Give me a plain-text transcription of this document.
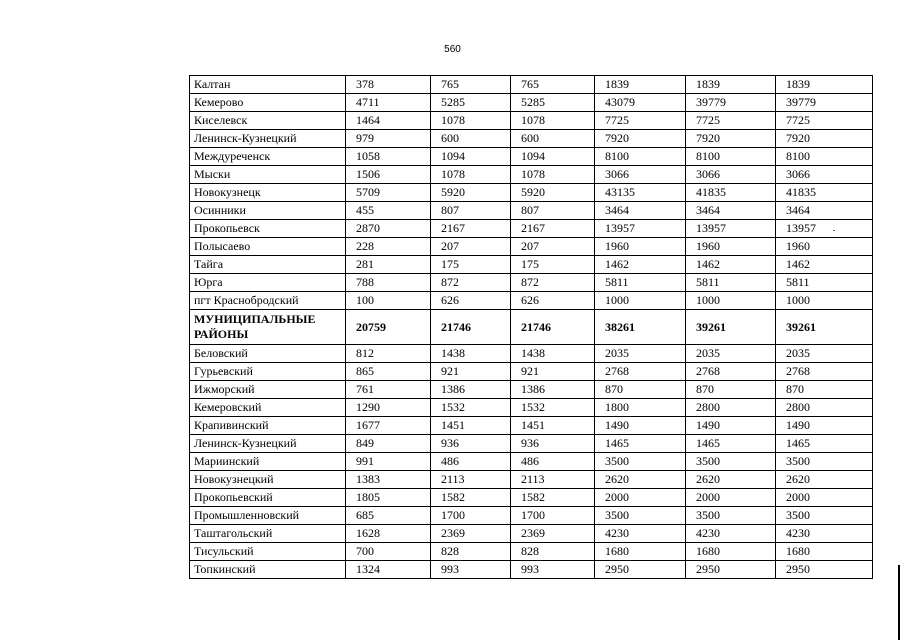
560
Калтан	378	765	765	1839	1839	1839
Кемерово	4711	5285	5285	43079	39779	39779
Киселевск	1464	1078	1078	7725	7725	7725
Ленинск-Кузнецкий	979	600	600	7920	7920	7920
Междуреченск	1058	1094	1094	8100	8100	8100
Мыски	1506	1078	1078	3066	3066	3066
Новокузнецк	5709	5920	5920	43135	41835	41835
Осинники	455	807	807	3464	3464	3464
Прокопьевск	2870	2167	2167	13957	13957	13957
Полысаево	228	207	207	1960	1960	1960
Тайга	281	175	175	1462	1462	1462
Юрга	788	872	872	5811	5811	5811
пгт Краснобродский	100	626	626	1000	1000	1000
МУНИЦИПАЛЬНЫЕ РАЙОНЫ	20759	21746	21746	38261	39261	39261
Беловский	812	1438	1438	2035	2035	2035
Гурьевский	865	921	921	2768	2768	2768
Ижморский	761	1386	1386	870	870	870
Кемеровский	1290	1532	1532	1800	2800	2800
Крапивинский	1677	1451	1451	1490	1490	1490
Ленинск-Кузнецкий	849	936	936	1465	1465	1465
Мариинский	991	486	486	3500	3500	3500
Новокузнецкий	1383	2113	2113	2620	2620	2620
Прокопьевский	1805	1582	1582	2000	2000	2000
Промышленновский	685	1700	1700	3500	3500	3500
Таштагольский	1628	2369	2369	4230	4230	4230
Тисульский	700	828	828	1680	1680	1680
Топкинский	1324	993	993	2950	2950	2950
